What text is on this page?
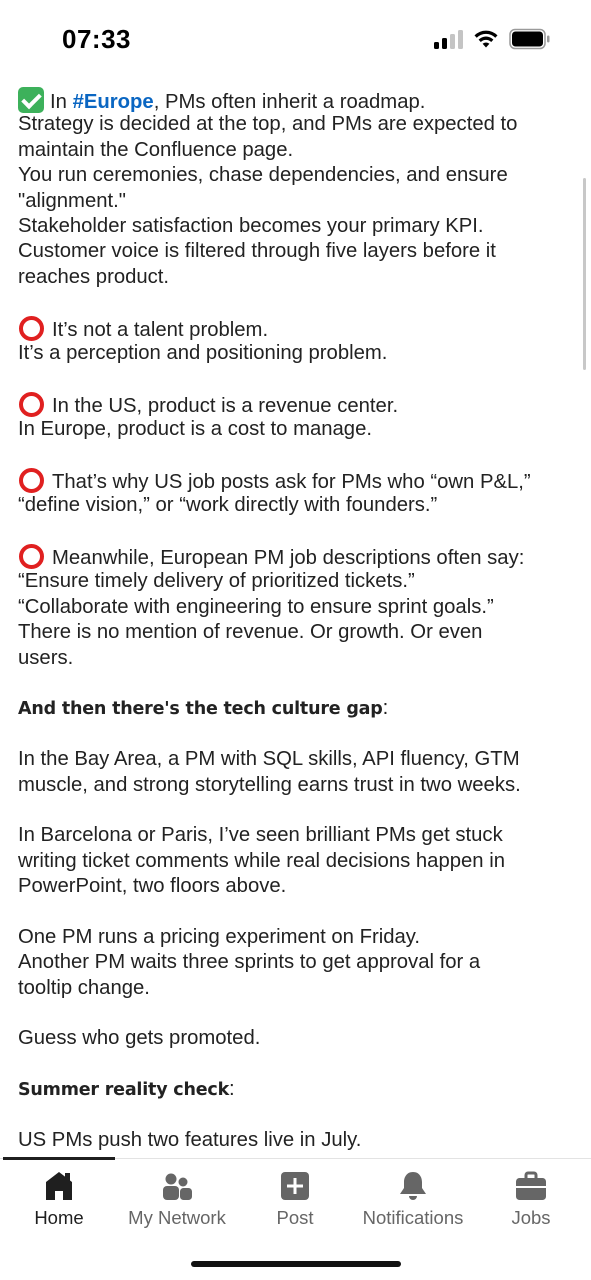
07:33
In #Europe, PMs often inherit a roadmap.
Strategy is decided at the top, and PMs are expected to
maintain the Confluence page.
You run ceremonies, chase dependencies, and ensure
"alignment."
Stakeholder satisfaction becomes your primary KPI.
Customer voice is filtered through five layers before it
reaches product.
It’s not a talent problem.
It’s a perception and positioning problem.
In the US, product is a revenue center.
In Europe, product is a cost to manage.
That’s why US job posts ask for PMs who “own P&L,”
“define vision,” or “work directly with founders.”
Meanwhile, European PM job descriptions often say:
“Ensure timely delivery of prioritized tickets.”
“Collaborate with engineering to ensure sprint goals.”
There is no mention of revenue. Or growth. Or even
users.
And then there's the tech culture gap:
In the Bay Area, a PM with SQL skills, API fluency, GTM
muscle, and strong storytelling earns trust in two weeks.
In Barcelona or Paris, I’ve seen brilliant PMs get stuck
writing ticket comments while real decisions happen in
PowerPoint, two floors above.
One PM runs a pricing experiment on Friday.
Another PM waits three sprints to get approval for a
tooltip change.
Guess who gets promoted.
Summer reality check:
US PMs push two features live in July.
Home	My Network	Post	Notifications	Jobs
